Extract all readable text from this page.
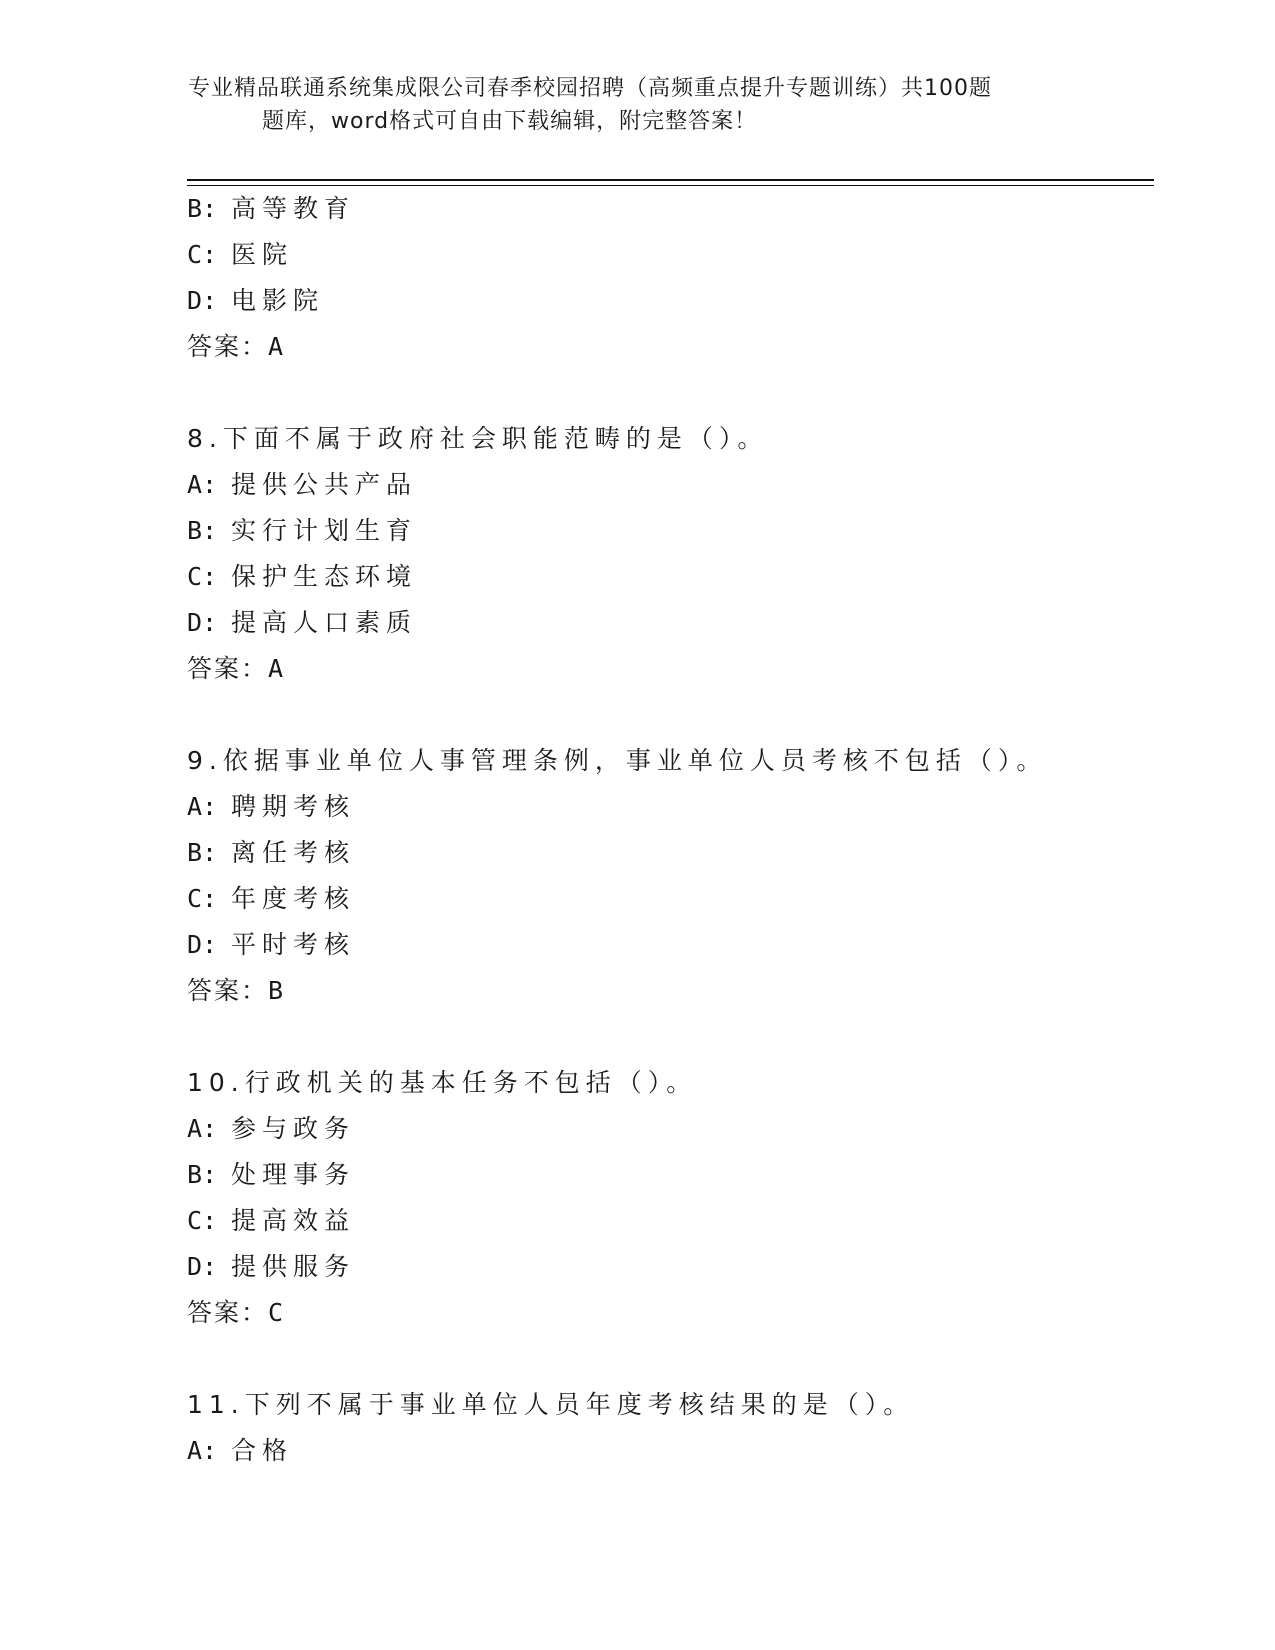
专业精品联通系统集成限公司春季校园招聘（高频重点提升专题训练）共100题
题库，word格式可自由下载编辑，附完整答案！
B: 高等教育
C: 医院
D: 电影院
答案：A
8.下面不属于政府社会职能范畴的是（）。
A: 提供公共产品
B: 实行计划生育
C: 保护生态环境
D: 提高人口素质
答案：A
9.依据事业单位人事管理条例，事业单位人员考核不包括（）。
A: 聘期考核
B: 离任考核
C: 年度考核
D: 平时考核
答案：B
10.行政机关的基本任务不包括（）。
A: 参与政务
B: 处理事务
C: 提高效益
D: 提供服务
答案：C
11.下列不属于事业单位人员年度考核结果的是（）。
A: 合格
